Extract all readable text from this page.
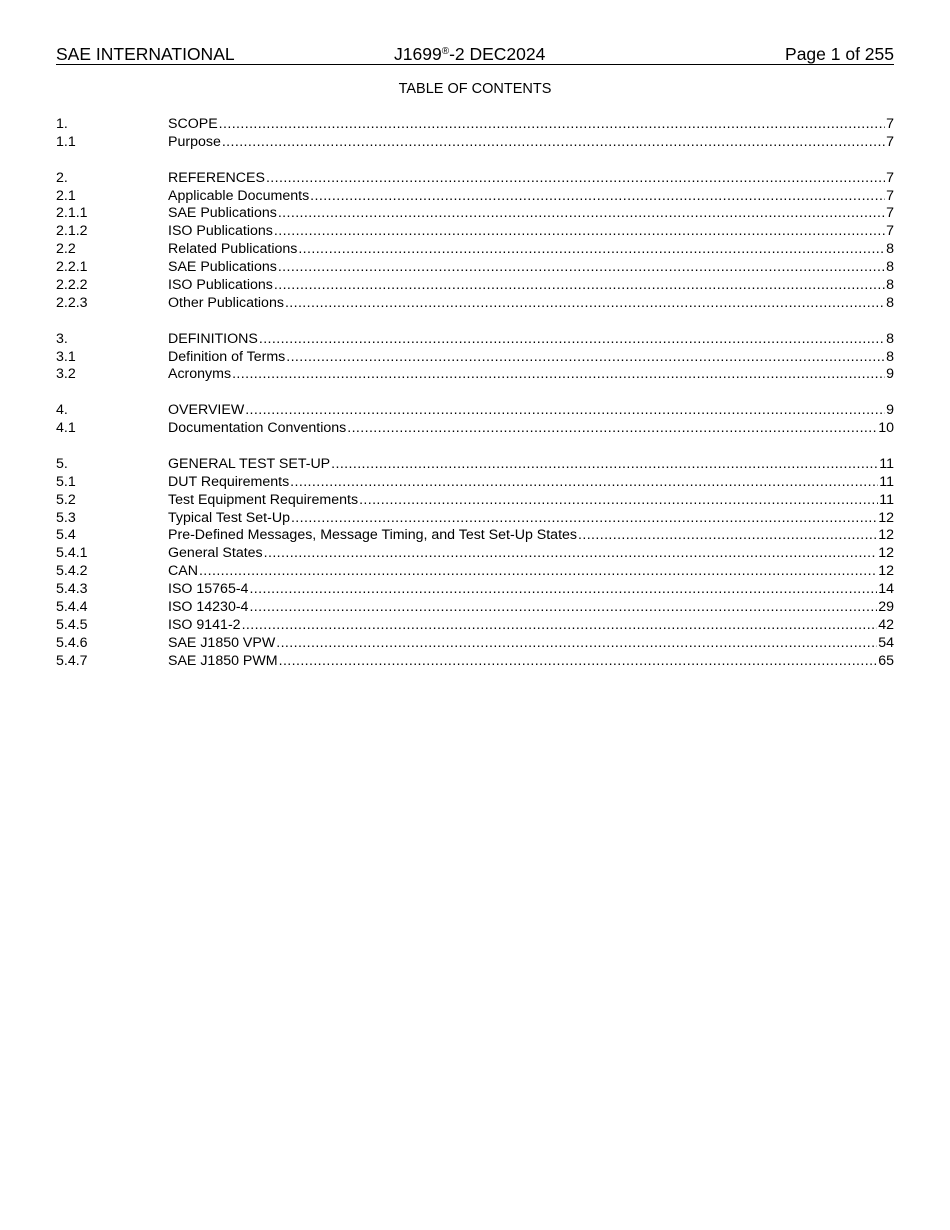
SAE INTERNATIONAL	J1699®-2 DEC2024	Page 1 of 255
TABLE OF CONTENTS
1.	SCOPE .....	7
1.1	Purpose .....	7
2.	REFERENCES .....	7
2.1	Applicable Documents .....	7
2.1.1	SAE Publications .....	7
2.1.2	ISO Publications .....	7
2.2	Related Publications .....	8
2.2.1	SAE Publications .....	8
2.2.2	ISO Publications .....	8
2.2.3	Other Publications .....	8
3.	DEFINITIONS .....	8
3.1	Definition of Terms .....	8
3.2	Acronyms .....	9
4.	OVERVIEW .....	9
4.1	Documentation Conventions .....	10
5.	GENERAL TEST SET-UP .....	11
5.1	DUT Requirements .....	11
5.2	Test Equipment Requirements .....	11
5.3	Typical Test Set-Up .....	12
5.4	Pre-Defined Messages, Message Timing, and Test Set-Up States .....	12
5.4.1	General States .....	12
5.4.2	CAN .....	12
5.4.3	ISO 15765-4 .....	14
5.4.4	ISO 14230-4 .....	29
5.4.5	ISO 9141-2 .....	42
5.4.6	SAE J1850 VPW .....	54
5.4.7	SAE J1850 PWM .....	65
